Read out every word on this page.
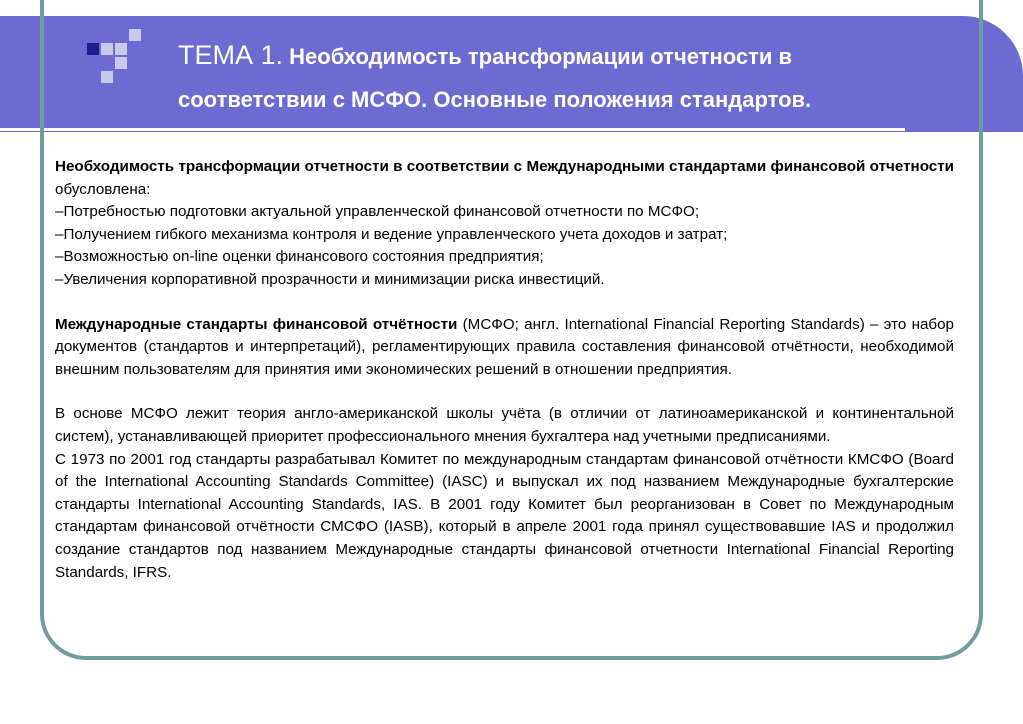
ТЕМА 1. Необходимость трансформации отчетности в
соответствии с МСФО. Основные положения стандартов.

Необходимость трансформации отчетности в соответствии с Международными стандартами финансовой отчетности обусловлена:

–Потребностью подготовки актуальной управленческой финансовой отчетности по МСФО;

–Получением гибкого механизма контроля и ведение управленческого учета доходов и затрат;

–Возможностью on-line оценки финансового состояния предприятия;

–Увеличения корпоративной прозрачности и минимизации риска инвестиций.

Международные стандарты финансовой отчётности (МСФО; англ. International Financial Reporting Standards) – это набор документов (стандартов и интерпретаций), регламентирующих правила составления финансовой отчётности, необходимой внешним пользователям для принятия ими экономических решений в отношении предприятия.

В основе МСФО лежит теория англо-американской школы учёта (в отличии от латиноамериканской и континентальной систем), устанавливающей приоритет профессионального мнения бухгалтера над учетными предписаниями.

С 1973 по 2001 год стандарты разрабатывал Комитет по международным стандартам финансовой отчётности КМСФО (Board of the International Accounting Standards Committee) (IASC) и выпускал их под названием Международные бухгалтерские стандарты International Accounting Standards, IAS. В 2001 году Комитет был реорганизован в Совет по Международным стандартам финансовой отчётности СМСФО (IASB), который в апреле 2001 года принял существовавшие IAS и продолжил создание стандартов под названием Международные стандарты финансовой отчетности International Financial Reporting Standards, IFRS.
